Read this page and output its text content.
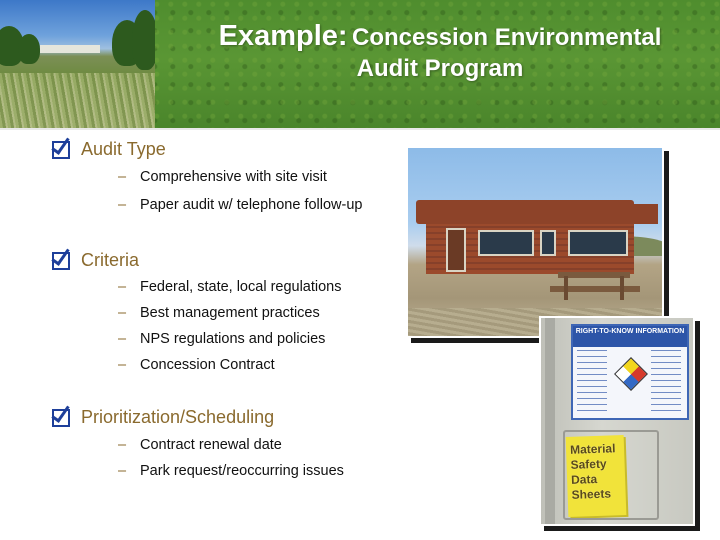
Example: Concession Environmental
Audit Program
Audit Type
– Comprehensive with site visit
– Paper audit w/ telephone follow-up
Criteria
– Federal, state, local regulations
– Best management practices
– NPS regulations and policies
– Concession Contract
Prioritization/Scheduling
– Contract renewal date
– Park request/reoccurring issues
RIGHT-TO-KNOW INFORMATION
Material
Safety
Data
Sheets
